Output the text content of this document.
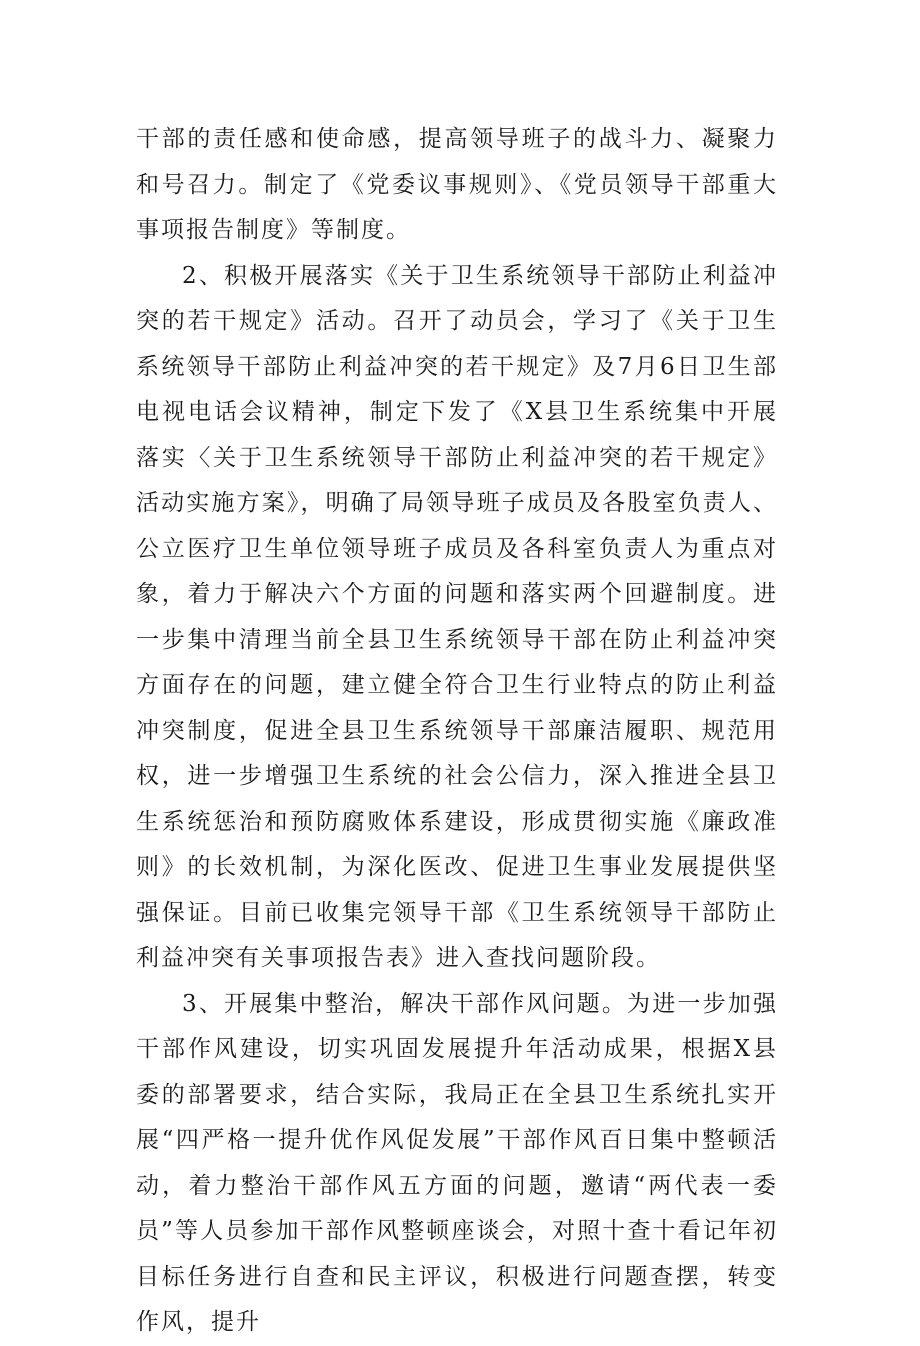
干部的责任感和使命感，提高领导班子的战斗力、凝聚力和号召力。制定了《党委议事规则》、《党员领导干部重大事项报告制度》等制度。

2、积极开展落实《关于卫生系统领导干部防止利益冲突的若干规定》活动。召开了动员会，学习了《关于卫生系统领导干部防止利益冲突的若干规定》及7月6日卫生部电视电话会议精神，制定下发了《X县卫生系统集中开展落实〈关于卫生系统领导干部防止利益冲突的若干规定》活动实施方案》，明确了局领导班子成员及各股室负责人、公立医疗卫生单位领导班子成员及各科室负责人为重点对象，着力于解决六个方面的问题和落实两个回避制度。进一步集中清理当前全县卫生系统领导干部在防止利益冲突方面存在的问题，建立健全符合卫生行业特点的防止利益冲突制度，促进全县卫生系统领导干部廉洁履职、规范用权，进一步增强卫生系统的社会公信力，深入推进全县卫生系统惩治和预防腐败体系建设，形成贯彻实施《廉政准则》的长效机制，为深化医改、促进卫生事业发展提供坚强保证。目前已收集完领导干部《卫生系统领导干部防止利益冲突有关事项报告表》进入查找问题阶段。

3、开展集中整治，解决干部作风问题。为进一步加强干部作风建设，切实巩固发展提升年活动成果，根据X县委的部署要求，结合实际，我局正在全县卫生系统扎实开展“四严格一提升优作风促发展”干部作风百日集中整顿活动，着力整治干部作风五方面的问题，邀请“两代表一委员”等人员参加干部作风整顿座谈会，对照十查十看记年初目标任务进行自查和民主评议，积极进行问题查摆，转变作风，提升
